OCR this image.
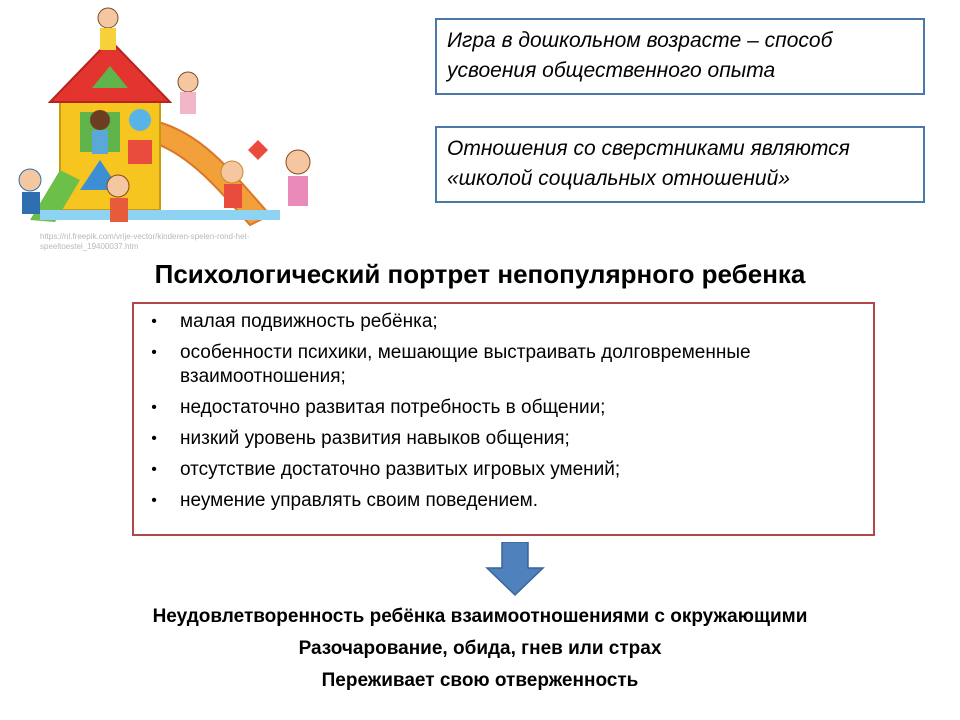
https://nl.freepik.com/vrije-vector/kinderen-spelen-rond-het-speeltoestel_19400037.htm
Игра в дошкольном возрасте – способ усвоения общественного опыта
Отношения со сверстниками являются «школой социальных отношений»
Психологический портрет непопулярного ребенка
•	малая подвижность ребёнка;
•	особенности психики, мешающие выстраивать долговременные взаимоотношения;
•	недостаточно развитая потребность в общении;
•	низкий уровень развития навыков общения;
•	отсутствие достаточно развитых игровых умений;
•	неумение управлять своим поведением.
Неудовлетворенность ребёнка взаимоотношениями с окружающими
Разочарование, обида, гнев или страх
Переживает свою отверженность
